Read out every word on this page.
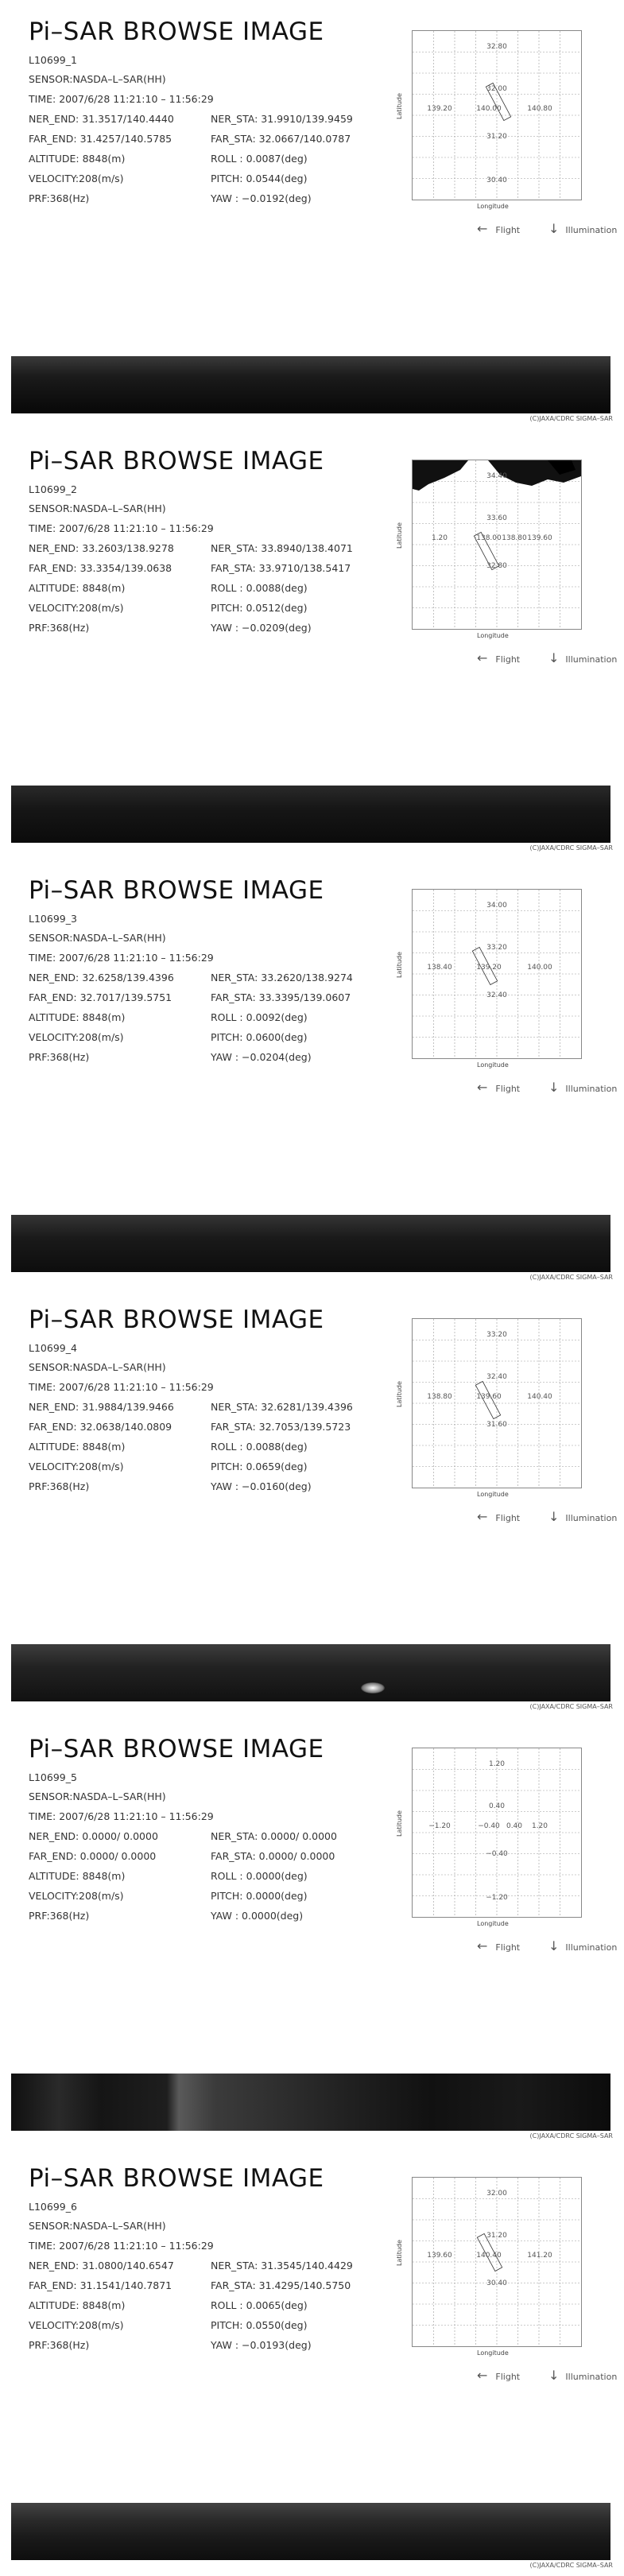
Pi–SAR BROWSE IMAGE
L10699_1
SENSOR:NASDA–L–SAR(HH)
TIME: 2007/6/28 11:21:10 – 11:56:29
NER_END: 31.3517/140.4440	NER_STA: 31.9910/139.9459
FAR_END: 31.4257/140.5785	FAR_STA: 32.0667/140.0787
ALTITUDE: 8848(m)	ROLL : 0.0087(deg)
VELOCITY:208(m/s)	PITCH: 0.0544(deg)
PRF:368(Hz)	YAW : −0.0192(deg)
32.80
32.00
31.20
30.40
139.20	140.00	140.80
Latitude
Longitude
← Flight ↓ Illumination
(C)JAXA/CDRC SIGMA–SAR
Pi–SAR BROWSE IMAGE
L10699_2
SENSOR:NASDA–L–SAR(HH)
TIME: 2007/6/28 11:21:10 – 11:56:29
NER_END: 33.2603/138.9278	NER_STA: 33.8940/138.4071
FAR_END: 33.3354/139.0638	FAR_STA: 33.9710/138.5417
ALTITUDE: 8848(m)	ROLL : 0.0088(deg)
VELOCITY:208(m/s)	PITCH: 0.0512(deg)
PRF:368(Hz)	YAW : −0.0209(deg)
34.40
33.60
32.80
1.20	138.00	139.60
138.80
Latitude
Longitude
← Flight ↓ Illumination
(C)JAXA/CDRC SIGMA–SAR
Pi–SAR BROWSE IMAGE
L10699_3
SENSOR:NASDA–L–SAR(HH)
TIME: 2007/6/28 11:21:10 – 11:56:29
NER_END: 32.6258/139.4396	NER_STA: 33.2620/138.9274
FAR_END: 32.7017/139.5751	FAR_STA: 33.3395/139.0607
ALTITUDE: 8848(m)	ROLL : 0.0092(deg)
VELOCITY:208(m/s)	PITCH: 0.0600(deg)
PRF:368(Hz)	YAW : −0.0204(deg)
34.00
33.20
32.40
138.40	139.20	140.00
Latitude
Longitude
← Flight ↓ Illumination
(C)JAXA/CDRC SIGMA–SAR
Pi–SAR BROWSE IMAGE
L10699_4
SENSOR:NASDA–L–SAR(HH)
TIME: 2007/6/28 11:21:10 – 11:56:29
NER_END: 31.9884/139.9466	NER_STA: 32.6281/139.4396
FAR_END: 32.0638/140.0809	FAR_STA: 32.7053/139.5723
ALTITUDE: 8848(m)	ROLL : 0.0088(deg)
VELOCITY:208(m/s)	PITCH: 0.0659(deg)
PRF:368(Hz)	YAW : −0.0160(deg)
33.20
32.40
31.60
138.80	139.60	140.40
Latitude
Longitude
← Flight ↓ Illumination
(C)JAXA/CDRC SIGMA–SAR
Pi–SAR BROWSE IMAGE
L10699_5
SENSOR:NASDA–L–SAR(HH)
TIME: 2007/6/28 11:21:10 – 11:56:29
NER_END: 0.0000/ 0.0000	NER_STA: 0.0000/ 0.0000
FAR_END: 0.0000/ 0.0000	FAR_STA: 0.0000/ 0.0000
ALTITUDE: 8848(m)	ROLL : 0.0000(deg)
VELOCITY:208(m/s)	PITCH: 0.0000(deg)
PRF:368(Hz)	YAW : 0.0000(deg)
1.20
0.40
−0.40
−1.20
−1.20	−0.40	1.20
0.40
Latitude
Longitude
← Flight ↓ Illumination
(C)JAXA/CDRC SIGMA–SAR
Pi–SAR BROWSE IMAGE
L10699_6
SENSOR:NASDA–L–SAR(HH)
TIME: 2007/6/28 11:21:10 – 11:56:29
NER_END: 31.0800/140.6547	NER_STA: 31.3545/140.4429
FAR_END: 31.1541/140.7871	FAR_STA: 31.4295/140.5750
ALTITUDE: 8848(m)	ROLL : 0.0065(deg)
VELOCITY:208(m/s)	PITCH: 0.0550(deg)
PRF:368(Hz)	YAW : −0.0193(deg)
32.00
31.20
30.40
139.60	140.40	141.20
Latitude
Longitude
← Flight ↓ Illumination
(C)JAXA/CDRC SIGMA–SAR
